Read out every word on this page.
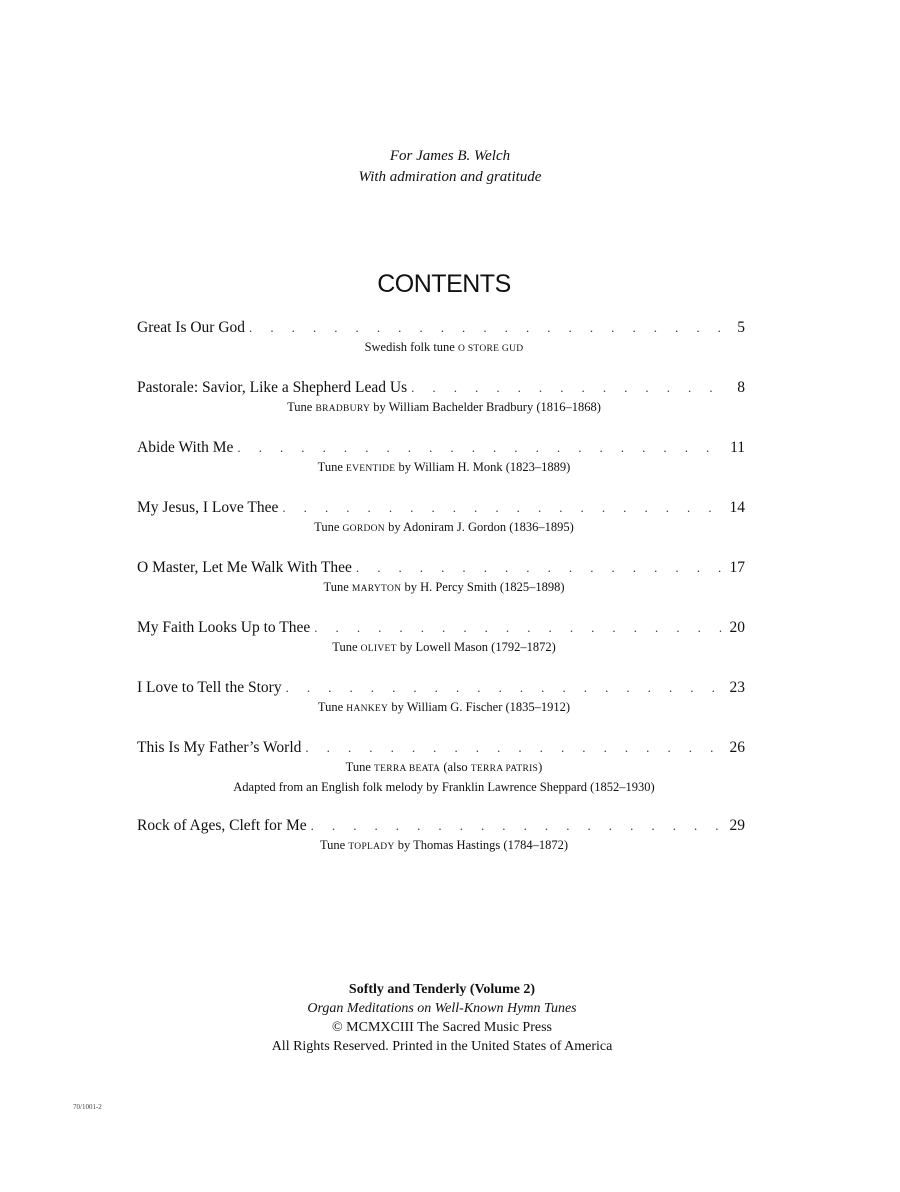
For James B. Welch
With admiration and gratitude
CONTENTS
Great Is Our God . . .	5
Swedish folk tune O STORE GUD
Pastorale: Savior, Like a Shepherd Lead Us . . .	8
Tune BRADBURY by William Bachelder Bradbury (1816–1868)
Abide With Me . . .	11
Tune EVENTIDE by William H. Monk (1823–1889)
My Jesus, I Love Thee . . .	14
Tune GORDON by Adoniram J. Gordon (1836–1895)
O Master, Let Me Walk With Thee . . .	17
Tune MARYTON by H. Percy Smith (1825–1898)
My Faith Looks Up to Thee . . .	20
Tune OLIVET by Lowell Mason (1792–1872)
I Love to Tell the Story . . .	23
Tune HANKEY by William G. Fischer (1835–1912)
This Is My Father’s World . . .	26
Tune TERRA BEATA (also TERRA PATRIS)
Adapted from an English folk melody by Franklin Lawrence Sheppard (1852–1930)
Rock of Ages, Cleft for Me . . .	29
Tune TOPLADY by Thomas Hastings (1784–1872)
Softly and Tenderly (Volume 2)
Organ Meditations on Well-Known Hymn Tunes
© MCMXCIII The Sacred Music Press
All Rights Reserved. Printed in the United States of America
70/1001-2
